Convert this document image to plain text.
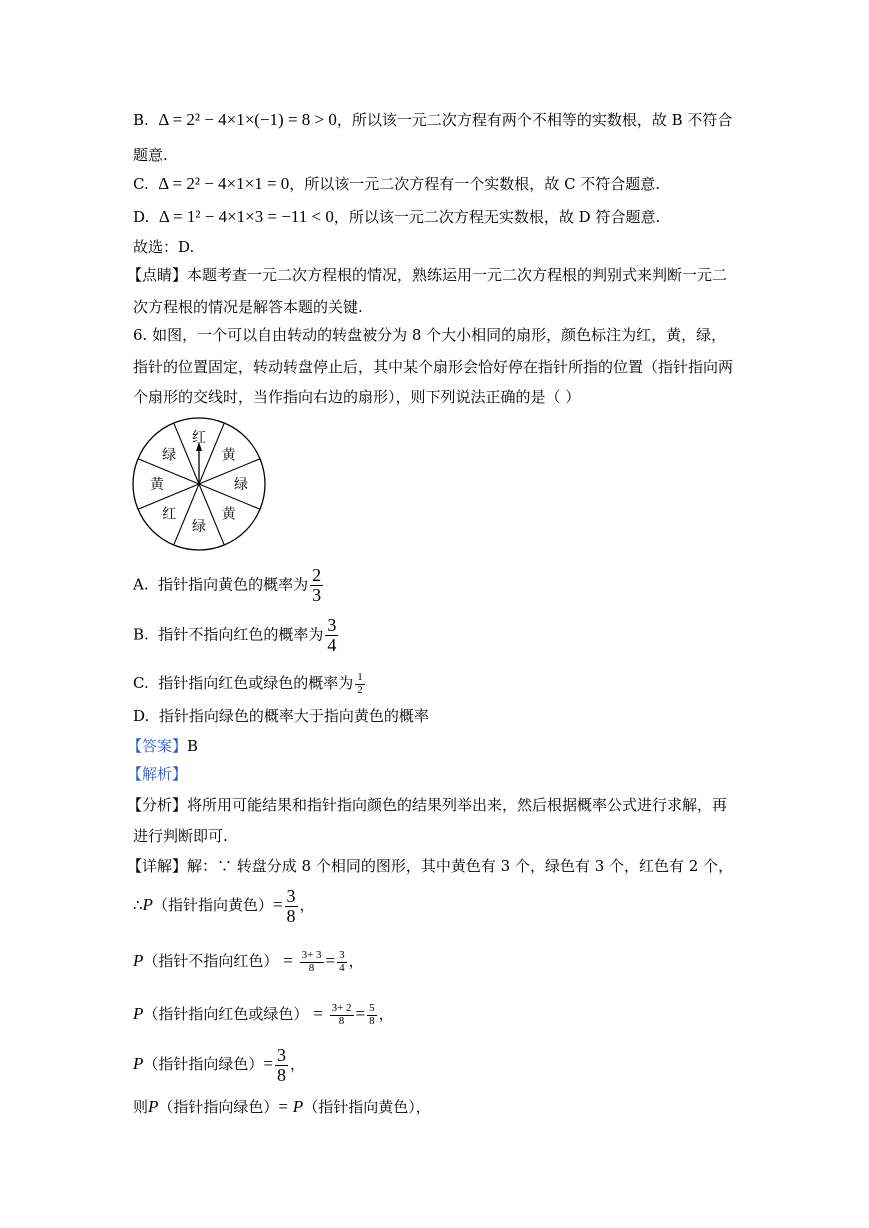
B. Δ = 2² − 4×1×(−1) = 8 > 0，所以该一元二次方程有两个不相等的实数根，故 B 不符合
题意.
C. Δ = 2² − 4×1×1 = 0，所以该一元二次方程有一个实数根，故 C 不符合题意.
D. Δ = 1² − 4×1×3 = −11 < 0，所以该一元二次方程无实数根，故 D 符合题意.
故选：D.
【点睛】本题考查一元二次方程根的情况，熟练运用一元二次方程根的判别式来判断一元二
次方程根的情况是解答本题的关键.
6. 如图，一个可以自由转动的转盘被分为 8 个大小相同的扇形，颜色标注为红，黄，绿，
指针的位置固定，转动转盘停止后，其中某个扇形会恰好停在指针所指的位置（指针指向两
个扇形的交线时，当作指向右边的扇形），则下列说法正确的是（ ）
红
黄
绿
黄
绿
红
黄
绿
A. 指针指向黄色的概率为 $\frac{2}{3}$
B. 指针不指向红色的概率为 $\frac{3}{4}$
C. 指针指向红色或绿色的概率为 $\frac{1}{2}$
D. 指针指向绿色的概率大于指向黄色的概率
【答案】B
【解析】
【分析】将所用可能结果和指针指向颜色的结果列举出来，然后根据概率公式进行求解，再
进行判断即可.
【详解】解：∵ 转盘分成 8 个相同的图形，其中黄色有 3 个，绿色有 3 个，红色有 2 个，
∴P（指针指向黄色）= $\frac{3}{8}$ ，
P（指针不指向红色） = $\frac{3+ 3}{8} = \frac{3}{4}$ ，
P（指针指向红色或绿色） = $\frac{3+ 2}{8} = \frac{5}{8}$ ，
P（指针指向绿色）= $\frac{3}{8}$ ，
则P（指针指向绿色）= P（指针指向黄色），
